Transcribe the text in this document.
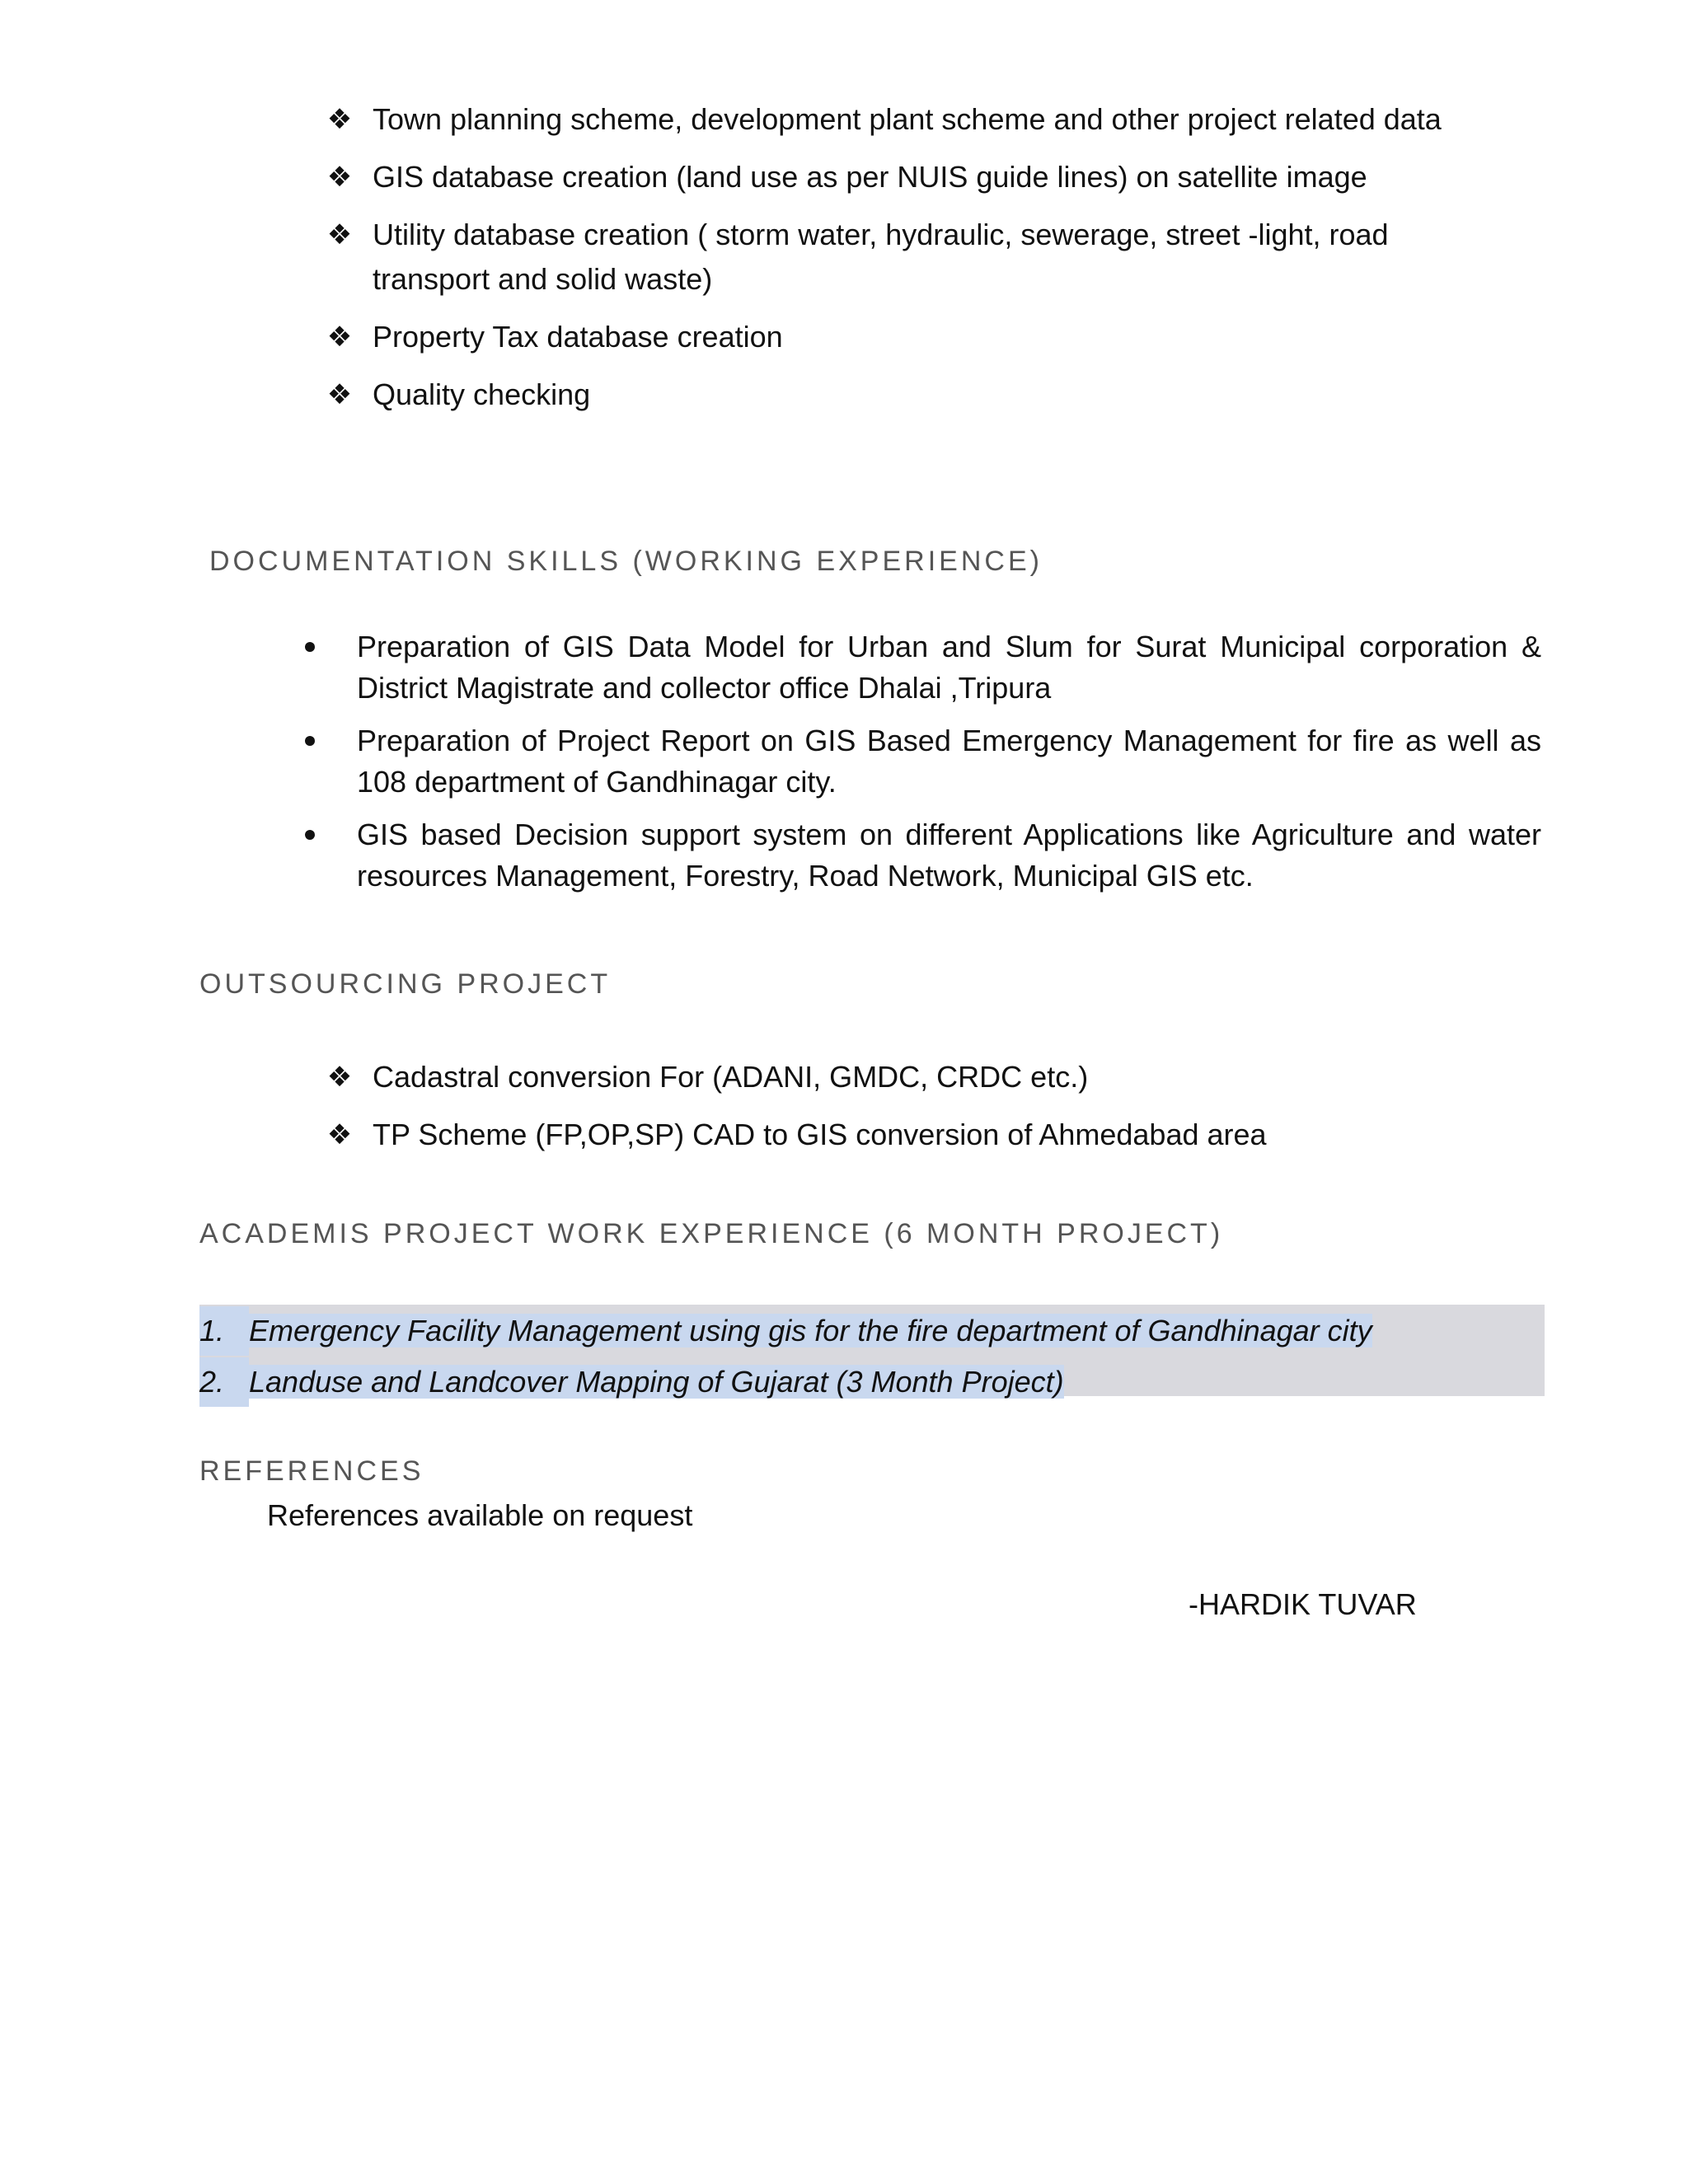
❖ Town planning scheme, development plant scheme and other project related data
❖ GIS database creation (land use as per NUIS guide lines) on satellite image
❖ Utility database creation ( storm water, hydraulic, sewerage, street -light, road transport and solid waste)
❖ Property Tax database creation
❖ Quality checking
DOCUMENTATION SKILLS (WORKING EXPERIENCE)
Preparation of GIS Data Model for Urban and Slum for Surat Municipal corporation & District Magistrate and collector office Dhalai ,Tripura
Preparation of Project Report on GIS Based Emergency Management for fire as well as 108 department of Gandhinagar city.
GIS based Decision support system on different Applications like Agriculture and water resources Management, Forestry, Road Network, Municipal GIS etc.
OUTSOURCING PROJECT
❖ Cadastral conversion For (ADANI, GMDC, CRDC etc.)
❖ TP Scheme (FP,OP,SP) CAD to GIS conversion of Ahmedabad area
ACADEMIS PROJECT WORK EXPERIENCE (6 MONTH PROJECT)
1. Emergency Facility Management using gis for the fire department of Gandhinagar city
2. Landuse and Landcover Mapping of Gujarat (3 Month Project)
REFERENCES
References available on request
-HARDIK TUVAR
